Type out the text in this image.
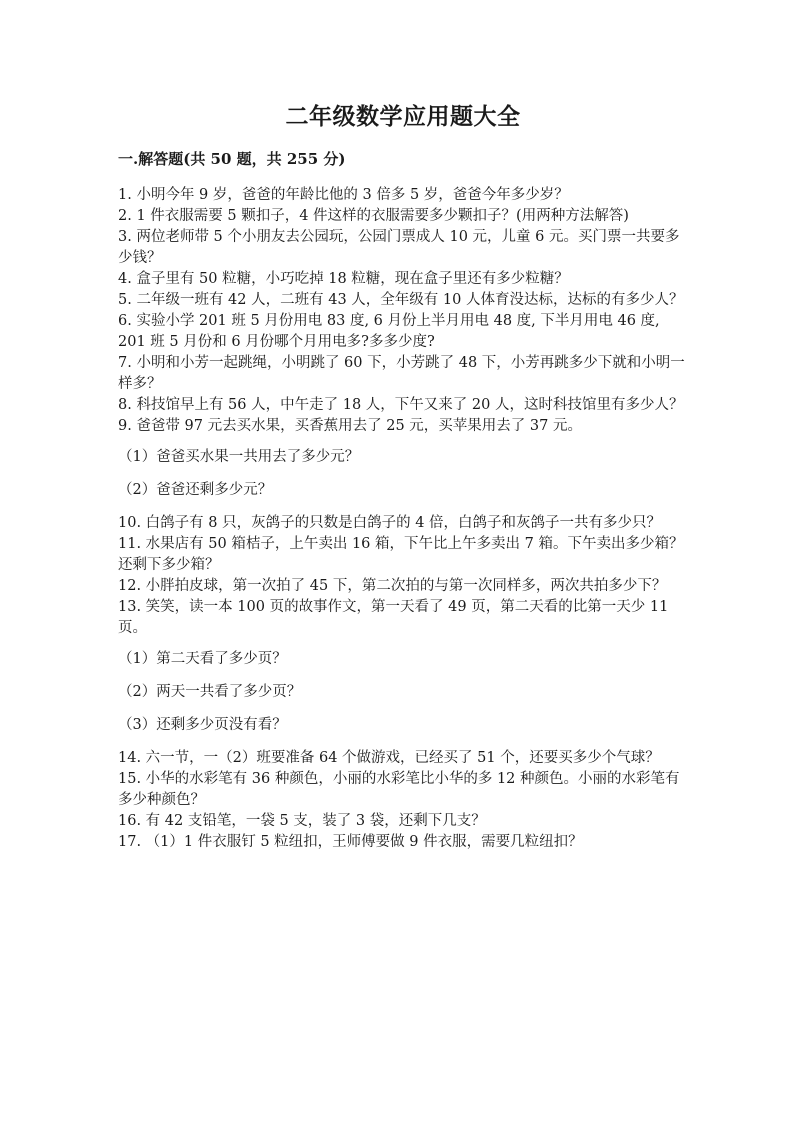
二年级数学应用题大全
一.解答题(共 50 题，共 255 分)

1. 小明今年 9 岁，爸爸的年龄比他的 3 倍多 5 岁，爸爸今年多少岁？

2. 1 件衣服需要 5 颗扣子，4 件这样的衣服需要多少颗扣子？(用两种方法解答)

3. 两位老师带 5 个小朋友去公园玩，公园门票成人 10 元，儿童 6 元。买门票一共要多少钱？

4. 盒子里有 50 粒糖，小巧吃掉 18 粒糖，现在盒子里还有多少粒糖？

5. 二年级一班有 42 人，二班有 43 人，全年级有 10 人体育没达标，达标的有多少人？

6. 实验小学 201 班 5 月份用电 83 度, 6 月份上半月用电 48 度, 下半月用电 46 度, 201 班 5 月份和 6 月份哪个月用电多?多多少度?

7. 小明和小芳一起跳绳，小明跳了 60 下，小芳跳了 48 下，小芳再跳多少下就和小明一样多？

8. 科技馆早上有 56 人，中午走了 18 人，下午又来了 20 人，这时科技馆里有多少人？

9. 爸爸带 97 元去买水果，买香蕉用去了 25 元，买苹果用去了 37 元。

（1）爸爸买水果一共用去了多少元？

（2）爸爸还剩多少元？

10. 白鸽子有 8 只，灰鸽子的只数是白鸽子的 4 倍，白鸽子和灰鸽子一共有多少只？

11. 水果店有 50 箱桔子，上午卖出 16 箱，下午比上午多卖出 7 箱。下午卖出多少箱？还剩下多少箱？

12. 小胖拍皮球，第一次拍了 45 下，第二次拍的与第一次同样多，两次共拍多少下？

13. 笑笑，读一本 100 页的故事作文，第一天看了 49 页，第二天看的比第一天少 11 页。

（1）第二天看了多少页？

（2）两天一共看了多少页？

（3）还剩多少页没有看？

14. 六一节，一（2）班要准备 64 个做游戏，已经买了 51 个，还要买多少个气球？

15. 小华的水彩笔有 36 种颜色，小丽的水彩笔比小华的多 12 种颜色。小丽的水彩笔有多少种颜色？

16. 有 42 支铅笔，一袋 5 支，装了 3 袋，还剩下几支？

17. （1）1 件衣服钉 5 粒纽扣，王师傅要做 9 件衣服，需要几粒纽扣？
